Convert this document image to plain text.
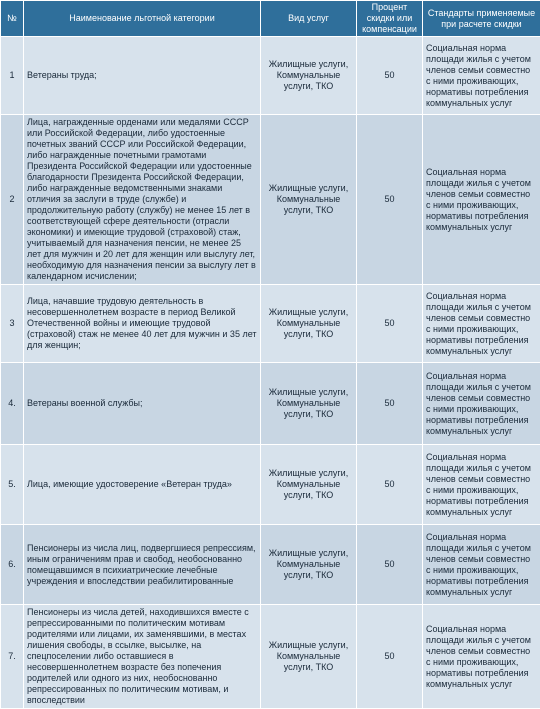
№	Наименование льготной категории	Вид услуг	Процент скидки или компенсации	Стандарты применяемые при расчете скидки
1	Ветераны труда;	Жилищные услуги, Коммунальные услуги, ТКО	50	Социальная норма площади жилья с учетом членов семьи совместно с ними проживающих, нормативы потребления коммунальных услуг
2	Лица, награжденные орденами или медалями СССР или Российской Федерации, либо удостоенные почетных званий СССР или Российской Федерации, либо награжденные почетными грамотами Президента Российской Федерации или удостоенные благодарности Президента Российской Федерации, либо награжденные ведомственными знаками отличия за заслуги в труде (службе) и продолжительную работу (службу) не менее 15 лет в соответствующей сфере деятельности (отрасли экономики) и имеющие трудовой (страховой) стаж, учитываемый для назначения пенсии, не менее 25 лет для мужчин и 20 лет для женщин или выслугу лет, необходимую для назначения пенсии за выслугу лет в календарном исчислении;	Жилищные услуги, Коммунальные услуги, ТКО	50	Социальная норма площади жилья с учетом членов семьи совместно с ними проживающих, нормативы потребления коммунальных услуг
3	Лица, начавшие трудовую деятельность в несовершеннолетнем возрасте в период Великой Отечественной войны и имеющие трудовой (страховой) стаж не менее 40 лет для мужчин и 35 лет для женщин;	Жилищные услуги, Коммунальные услуги, ТКО	50	Социальная норма площади жилья с учетом членов семьи совместно с ними проживающих, нормативы потребления коммунальных услуг
4.	Ветераны военной службы;	Жилищные услуги, Коммунальные услуги, ТКО	50	Социальная норма площади жилья с учетом членов семьи совместно с ними проживающих, нормативы потребления коммунальных услуг
5.	Лица, имеющие удостоверение «Ветеран труда»	Жилищные услуги, Коммунальные услуги, ТКО	50	Социальная норма площади жилья с учетом членов семьи совместно с ними проживающих, нормативы потребления коммунальных услуг
6.	Пенсионеры из числа лиц, подвергшиеся репрессиям, иным ограничениям прав и свобод, необоснованно помещавшимся в психиатрические лечебные учреждения и впоследствии реабилитированные	Жилищные услуги, Коммунальные услуги, ТКО	50	Социальная норма площади жилья с учетом членов семьи совместно с ними проживающих, нормативы потребления коммунальных услуг
7.	Пенсионеры из числа детей, находившихся вместе с репрессированными по политическим мотивам родителями или лицами, их заменявшими, в местах лишения свободы, в ссылке, высылке, на спецпоселении либо оставшиеся в несовершеннолетнем возрасте без попечения родителей или одного из них, необоснованно репрессированных по политическим мотивам, и впоследствии	Жилищные услуги, Коммунальные услуги, ТКО	50	Социальная норма площади жилья с учетом членов семьи совместно с ними проживающих, нормативы потребления коммунальных услуг
